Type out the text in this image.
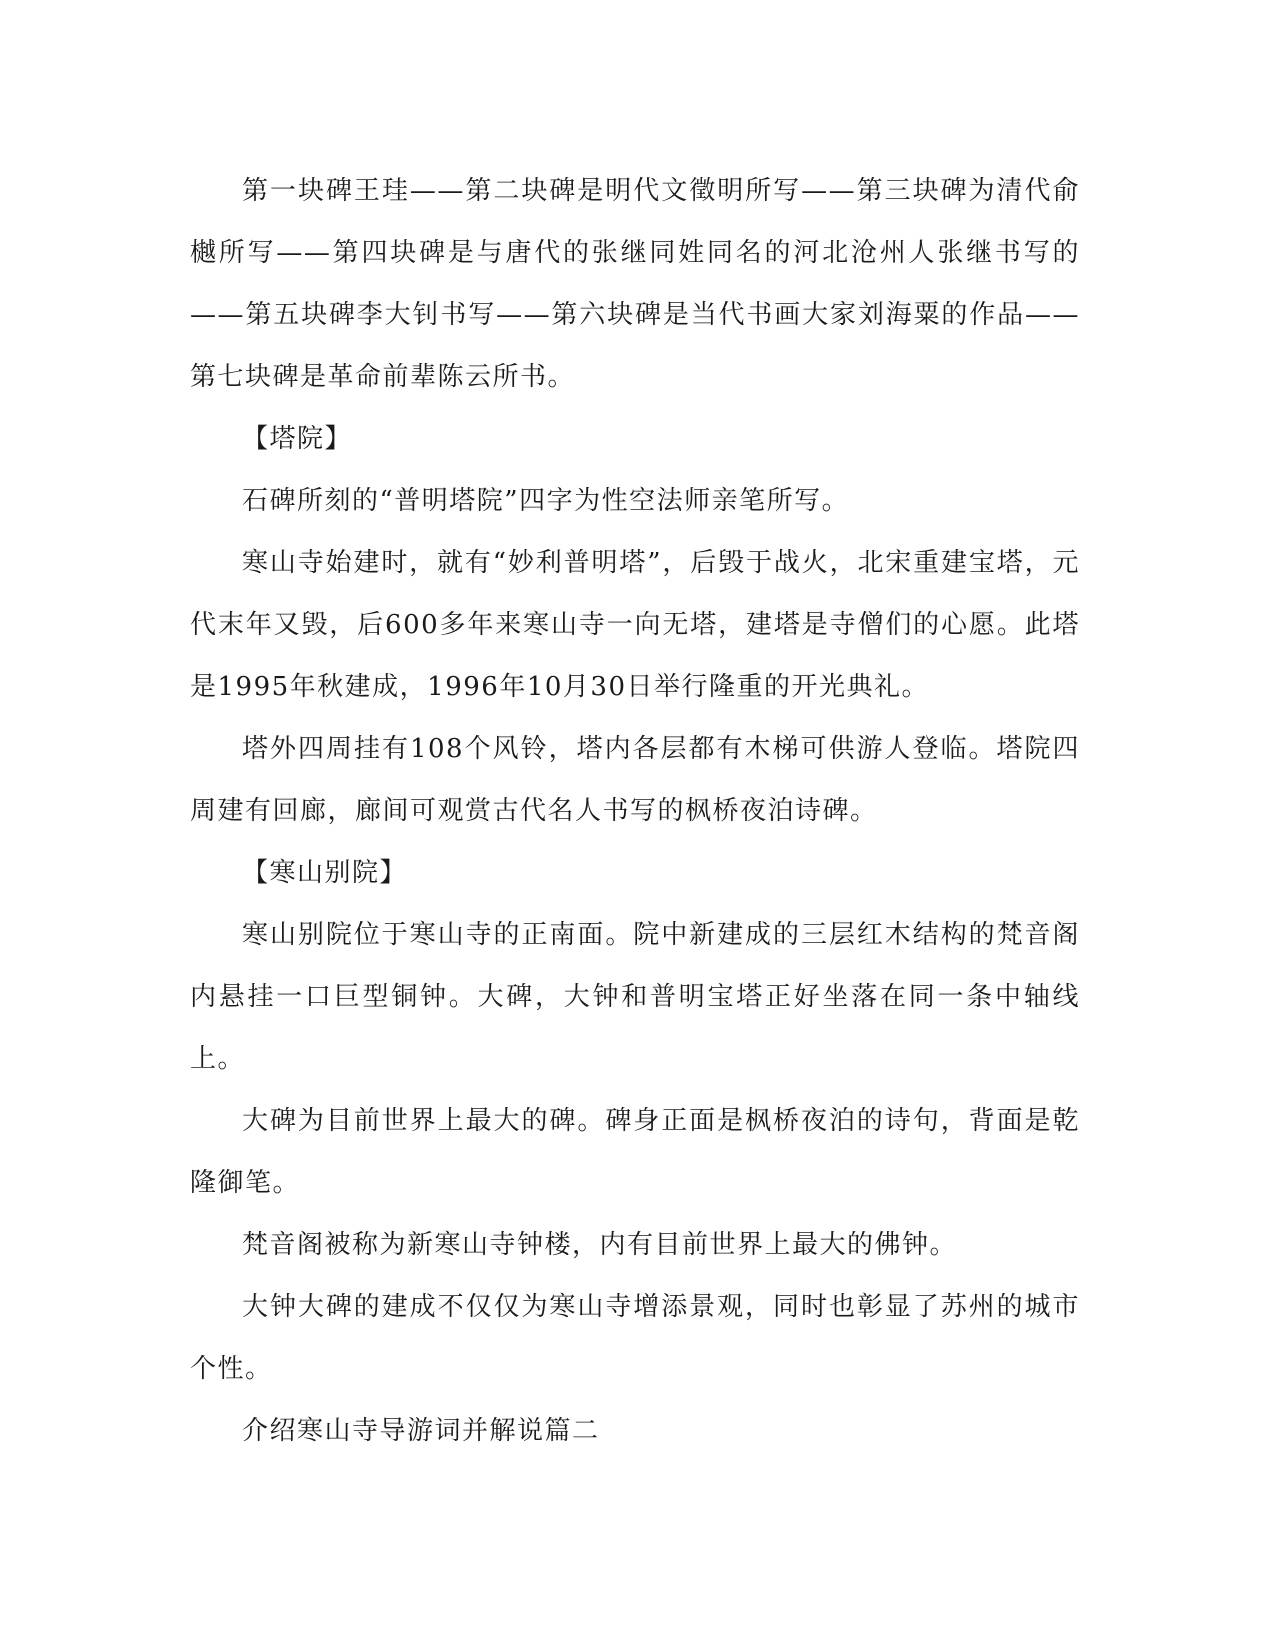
第一块碑王珪——第二块碑是明代文徵明所写——第三块碑为清代俞樾所写——第四块碑是与唐代的张继同姓同名的河北沧州人张继书写的——第五块碑李大钊书写——第六块碑是当代书画大家刘海粟的作品——第七块碑是革命前辈陈云所书。

【塔院】

石碑所刻的“普明塔院”四字为性空法师亲笔所写。

寒山寺始建时，就有“妙利普明塔”，后毁于战火，北宋重建宝塔，元代末年又毁，后600多年来寒山寺一向无塔，建塔是寺僧们的心愿。此塔是1995年秋建成，1996年10月30日举行隆重的开光典礼。

塔外四周挂有108个风铃，塔内各层都有木梯可供游人登临。塔院四周建有回廊，廊间可观赏古代名人书写的枫桥夜泊诗碑。

【寒山别院】

寒山别院位于寒山寺的正南面。院中新建成的三层红木结构的梵音阁内悬挂一口巨型铜钟。大碑，大钟和普明宝塔正好坐落在同一条中轴线上。

大碑为目前世界上最大的碑。碑身正面是枫桥夜泊的诗句，背面是乾隆御笔。

梵音阁被称为新寒山寺钟楼，内有目前世界上最大的佛钟。

大钟大碑的建成不仅仅为寒山寺增添景观，同时也彰显了苏州的城市个性。

介绍寒山寺导游词并解说篇二
